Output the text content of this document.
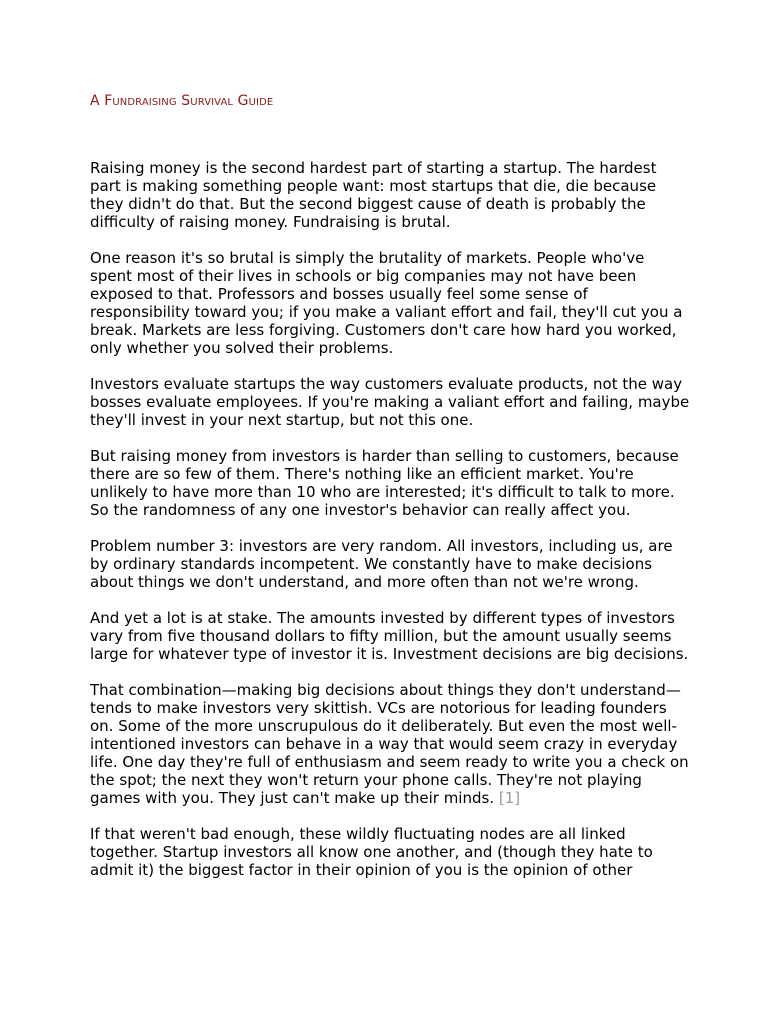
A Fundraising Survival Guide

Raising money is the second hardest part of starting a startup. The hardest part is making something people want: most startups that die, die because they didn't do that. But the second biggest cause of death is probably the difficulty of raising money. Fundraising is brutal.

One reason it's so brutal is simply the brutality of markets. People who've spent most of their lives in schools or big companies may not have been exposed to that. Professors and bosses usually feel some sense of responsibility toward you; if you make a valiant effort and fail, they'll cut you a break. Markets are less forgiving. Customers don't care how hard you worked, only whether you solved their problems.

Investors evaluate startups the way customers evaluate products, not the way bosses evaluate employees. If you're making a valiant effort and failing, maybe they'll invest in your next startup, but not this one.

But raising money from investors is harder than selling to customers, because there are so few of them. There's nothing like an efficient market. You're unlikely to have more than 10 who are interested; it's difficult to talk to more. So the randomness of any one investor's behavior can really affect you.

Problem number 3: investors are very random. All investors, including us, are by ordinary standards incompetent. We constantly have to make decisions about things we don't understand, and more often than not we're wrong.

And yet a lot is at stake. The amounts invested by different types of investors vary from five thousand dollars to fifty million, but the amount usually seems large for whatever type of investor it is. Investment decisions are big decisions.

That combination—making big decisions about things they don't understand—tends to make investors very skittish. VCs are notorious for leading founders on. Some of the more unscrupulous do it deliberately. But even the most well-intentioned investors can behave in a way that would seem crazy in everyday life. One day they're full of enthusiasm and seem ready to write you a check on the spot; the next they won't return your phone calls. They're not playing games with you. They just can't make up their minds. [1]

If that weren't bad enough, these wildly fluctuating nodes are all linked together. Startup investors all know one another, and (though they hate to admit it) the biggest factor in their opinion of you is the opinion of other
